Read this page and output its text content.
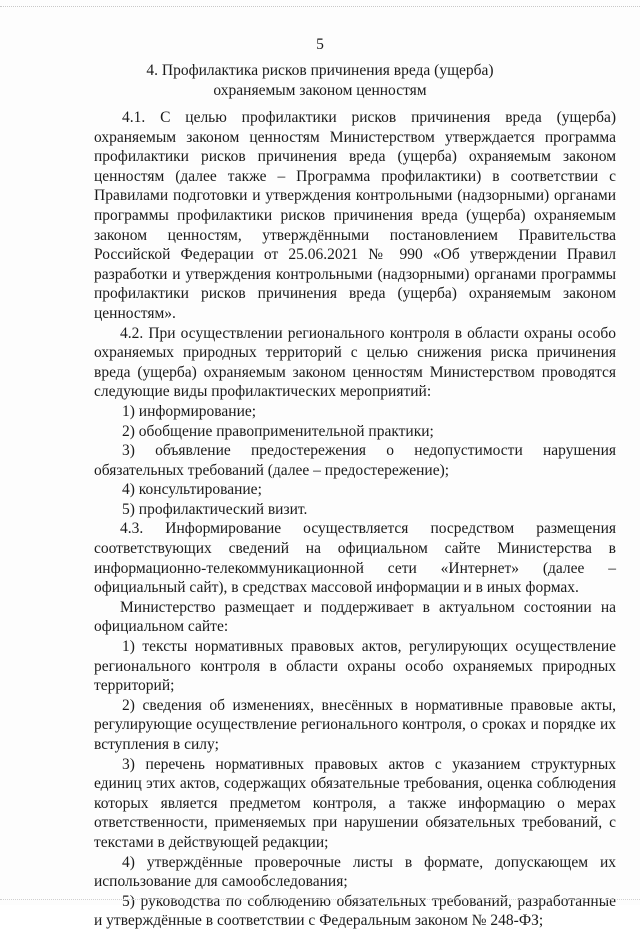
5
4. Профилактика рисков причинения вреда (ущерба)
охраняемым законом ценностям

4.1. С целью профилактики рисков причинения вреда (ущерба) охраняемым законом ценностям Министерством утверждается программа профилактики рисков причинения вреда (ущерба) охраняемым законом ценностям (далее также – Программа профилактики) в соответствии с Правилами подготовки и утверждения контрольными (надзорными) органами программы профилактики рисков причинения вреда (ущерба) охраняемым законом ценностям, утверждёнными постановлением Правительства Российской Федерации от 25.06.2021 № 990 «Об утверждении Правил разработки и утверждения контрольными (надзорными) органами программы профилактики рисков причинения вреда (ущерба) охраняемым законом ценностям».

4.2. При осуществлении регионального контроля в области охраны особо охраняемых природных территорий с целью снижения риска причинения вреда (ущерба) охраняемым законом ценностям Министерством проводятся следующие виды профилактических мероприятий:

1) информирование;

2) обобщение правоприменительной практики;

3) объявление предостережения о недопустимости нарушения обязательных требований (далее – предостережение);

4) консультирование;

5) профилактический визит.

4.3. Информирование осуществляется посредством размещения соответствующих сведений на официальном сайте Министерства в информационно-телекоммуникационной сети «Интернет» (далее – официальный сайт), в средствах массовой информации и в иных формах.

Министерство размещает и поддерживает в актуальном состоянии на официальном сайте:

1) тексты нормативных правовых актов, регулирующих осуществление регионального контроля в области охраны особо охраняемых природных территорий;

2) сведения об изменениях, внесённых в нормативные правовые акты, регулирующие осуществление регионального контроля, о сроках и порядке их вступления в силу;

3) перечень нормативных правовых актов с указанием структурных единиц этих актов, содержащих обязательные требования, оценка соблюдения которых является предметом контроля, а также информацию о мерах ответственности, применяемых при нарушении обязательных требований, с текстами в действующей редакции;

4) утверждённые проверочные листы в формате, допускающем их использование для самообследования;

5) руководства по соблюдению обязательных требований, разработанные и утверждённые в соответствии с Федеральным законом № 248-ФЗ;
